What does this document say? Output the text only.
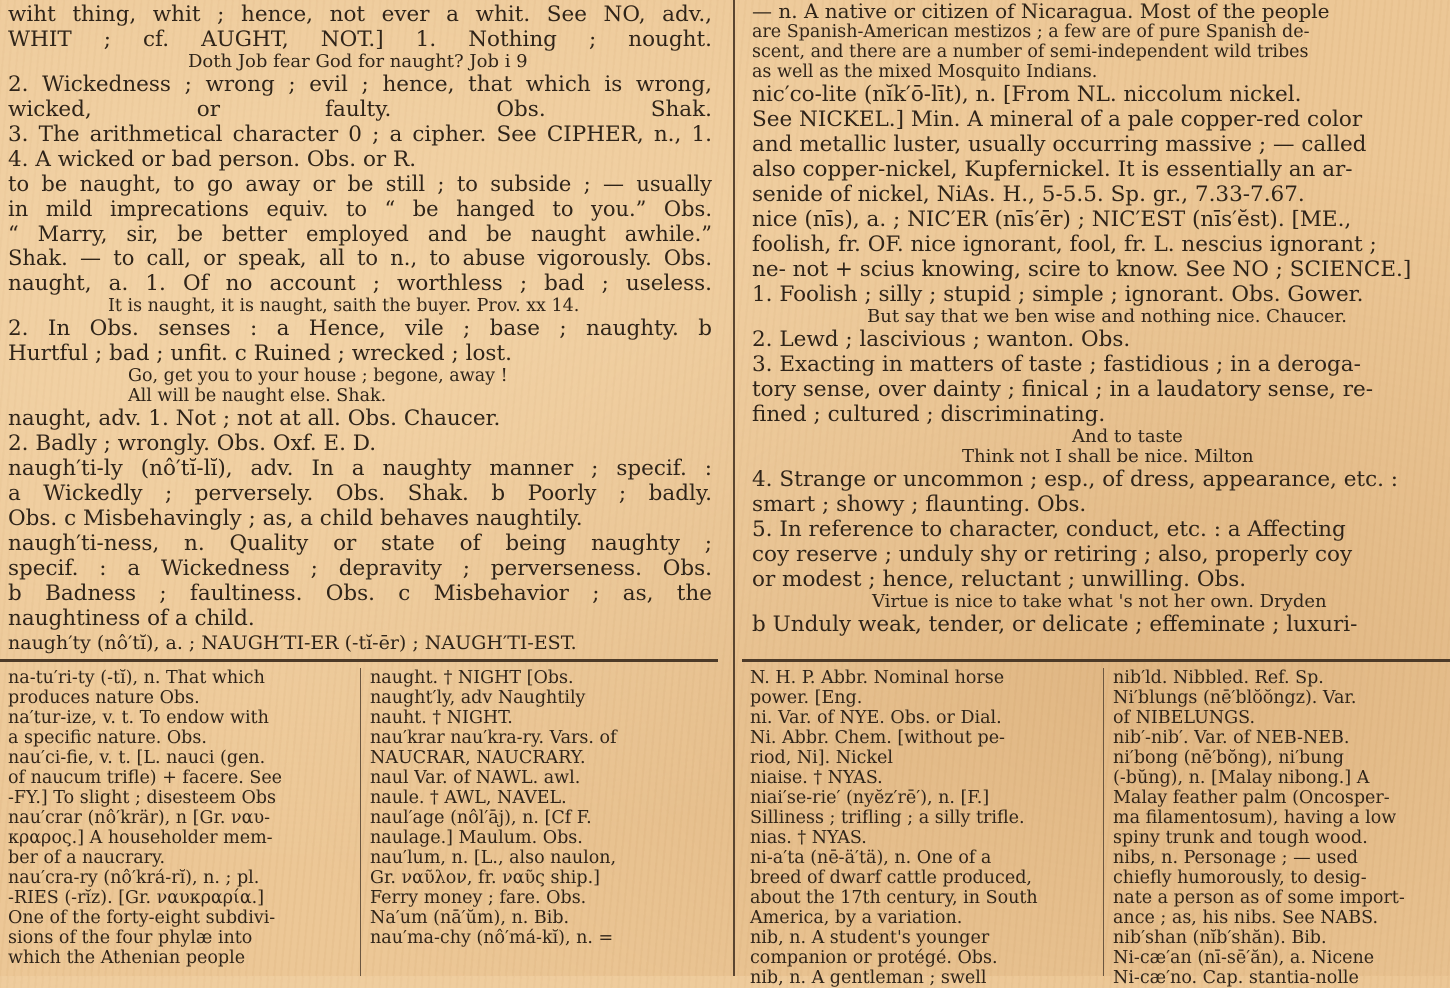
wiht thing, whit ; hence, not ever a whit. See NO, adv.,
WHIT ; cf. AUGHT, NOT.] 1. Nothing ; nought.
Doth Job fear God for naught? Job i 9
2. Wickedness ; wrong ; evil ; hence, that which is wrong,
wicked, or faulty. Obs. Shak.
3. The arithmetical character 0 ; a cipher. See CIPHER, n., 1.
4. A wicked or bad person. Obs. or R.
to be naught, to go away or be still ; to subside ; — usually
in mild imprecations equiv. to “ be hanged to you.” Obs.
“ Marry, sir, be better employed and be naught awhile.”
Shak. — to call, or speak, all to n., to abuse vigorously. Obs.
naught, a. 1. Of no account ; worthless ; bad ; useless.
It is naught, it is naught, saith the buyer. Prov. xx 14.
2. In Obs. senses : a Hence, vile ; base ; naughty. b
Hurtful ; bad ; unfit. c Ruined ; wrecked ; lost.
Go, get you to your house ; begone, away !
All will be naught else. Shak.
naught, adv. 1. Not ; not at all. Obs. Chaucer.
2. Badly ; wrongly. Obs. Oxf. E. D.
naugh′ti-ly (nô′tĭ-lĭ), adv. In a naughty manner ; specif. :
a Wickedly ; perversely. Obs. Shak. b Poorly ; badly.
Obs. c Misbehavingly ; as, a child behaves naughtily.
naugh′ti-ness, n. Quality or state of being naughty ;
specif. : a Wickedness ; depravity ; perverseness. Obs.
b Badness ; faultiness. Obs. c Misbehavior ; as, the
naughtiness of a child.
naugh′ty (nô′tĭ), a. ; NAUGH′TI-ER (-tĭ-ēr) ; NAUGH′TI-EST.
— n. A native or citizen of Nicaragua. Most of the people
are Spanish-American mestizos ; a few are of pure Spanish de-
scent, and there are a number of semi-independent wild tribes
as well as the mixed Mosquito Indians.
nic′co-lite (nĭk′ō-līt), n. [From NL. niccolum nickel.
See NICKEL.] Min. A mineral of a pale copper-red color
and metallic luster, usually occurring massive ; — called
also copper-nickel, Kupfernickel. It is essentially an ar-
senide of nickel, NiAs. H., 5-5.5. Sp. gr., 7.33-7.67.
nice (nīs), a. ; NIC′ER (nīs′ēr) ; NIC′EST (nīs′ĕst). [ME.,
foolish, fr. OF. nice ignorant, fool, fr. L. nescius ignorant ;
ne- not + scius knowing, scire to know. See NO ; SCIENCE.]
1. Foolish ; silly ; stupid ; simple ; ignorant. Obs. Gower.
But say that we ben wise and nothing nice. Chaucer.
2. Lewd ; lascivious ; wanton. Obs.
3. Exacting in matters of taste ; fastidious ; in a deroga-
tory sense, over dainty ; finical ; in a laudatory sense, re-
fined ; cultured ; discriminating.
And to taste
Think not I shall be nice. Milton
4. Strange or uncommon ; esp., of dress, appearance, etc. :
smart ; showy ; flaunting. Obs.
5. In reference to character, conduct, etc. : a Affecting
coy reserve ; unduly shy or retiring ; also, properly coy
or modest ; hence, reluctant ; unwilling. Obs.
Virtue is nice to take what 's not her own. Dryden
b Unduly weak, tender, or delicate ; effeminate ; luxuri-
na-tu′ri-ty (-tĭ), n. That which
produces nature Obs.
na′tur-ize, v. t. To endow with
a specific nature. Obs.
nau′ci-fie, v. t. [L. nauci (gen.
of naucum trifle) + facere. See
-FY.] To slight ; disesteem Obs
nau′crar (nô′krär), n [Gr. ναυ-
κραρος.] A householder mem-
ber of a naucrary.
nau′cra-ry (nô′krá-rĭ), n. ; pl.
-RIES (-rĭz). [Gr. ναυκραρία.]
One of the forty-eight subdivi-
sions of the four phylæ into
which the Athenian people
naught. † NIGHT [Obs.
naught′ly, adv Naughtily
nauht. † NIGHT.
nau′krar nau′kra-ry. Vars. of
NAUCRAR, NAUCRARY.
naul Var. of NAWL. awl.
naule. † AWL, NAVEL.
naul′age (nôl′āj), n. [Cf F.
naulage.] Maulum. Obs.
nau′lum, n. [L., also naulon,
Gr. ναῦλον, fr. ναῦς ship.]
Ferry money ; fare. Obs.
Na′um (nā′ŭm), n. Bib.
nau′ma-chy (nô′má-kĭ), n. =
N. H. P. Abbr. Nominal horse
power. [Eng.
ni. Var. of NYE. Obs. or Dial.
Ni. Abbr. Chem. [without pe-
riod, Ni]. Nickel
niaise. † NYAS.
niai′se-rie′ (nyĕz′rē′), n. [F.]
Silliness ; trifling ; a silly trifle.
nias. † NYAS.
ni-a′ta (nē-ä′tä), n. One of a
breed of dwarf cattle produced,
about the 17th century, in South
America, by a variation.
nib, n. A student's younger
companion or protégé. Obs.
nib, n. A gentleman ; swell
nib′ld. Nibbled. Ref. Sp.
Ni′blungs (nē′blŏŏngz). Var.
of NIBELUNGS.
nib′-nib′. Var. of NEB-NEB.
ni′bong (nē′bŏng), ni′bung
(-bŭng), n. [Malay nibong.] A
Malay feather palm (Oncosper-
ma filamentosum), having a low
spiny trunk and tough wood.
nibs, n. Personage ; — used
chiefly humorously, to desig-
nate a person as of some import-
ance ; as, his nibs. See NABS.
nib′shan (nĭb′shăn). Bib.
Ni-cæ′an (nī-sē′ăn), a. Nicene
Ni-cæ′no. Cap. stantia-nolle
